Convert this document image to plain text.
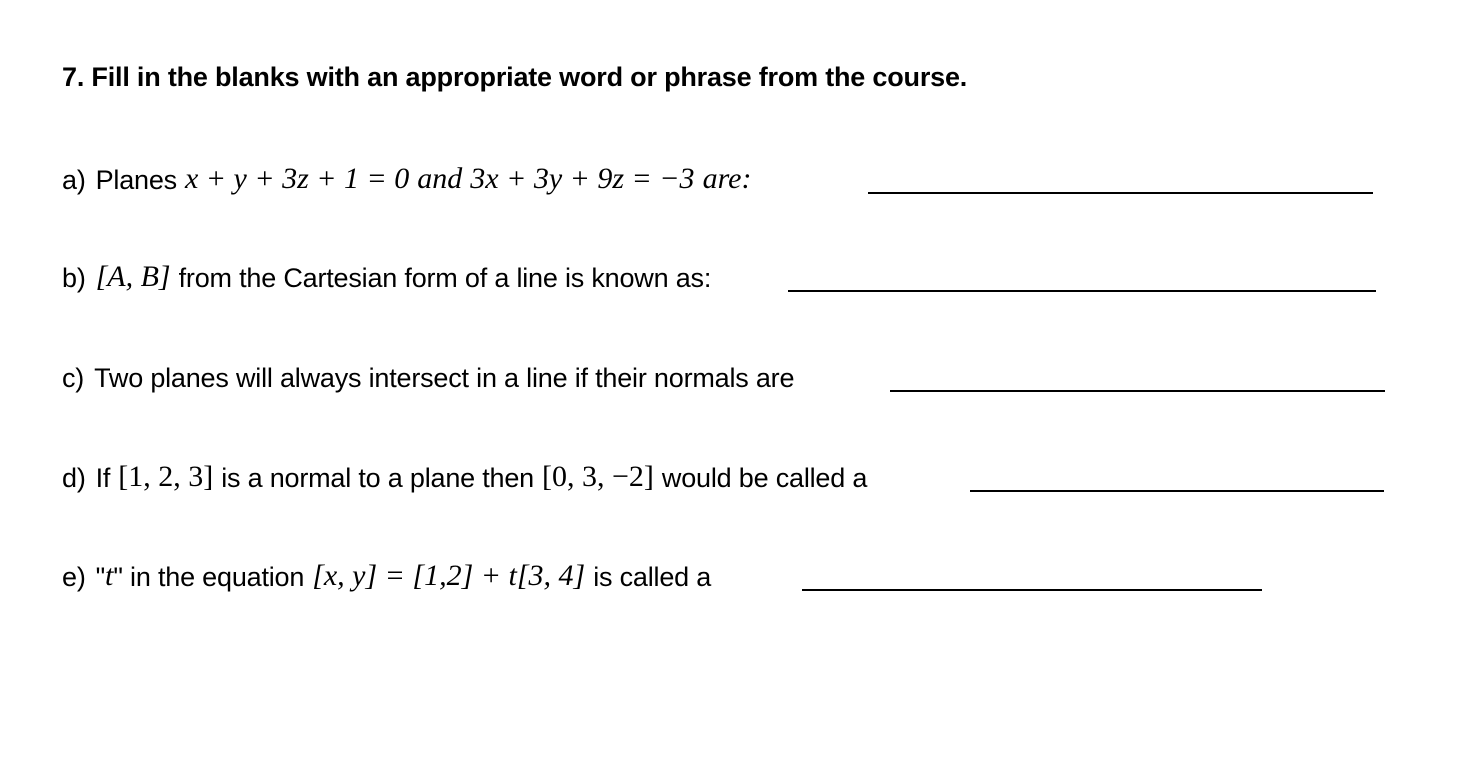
7. Fill in the blanks with an appropriate word or phrase from the course.
a) Planes x + y + 3z + 1 = 0 and 3x + 3y + 9z = −3 are:
b) [A, B] from the Cartesian form of a line is known as:
c) Two planes will always intersect in a line if their normals are
d) If [1, 2, 3] is a normal to a plane then [0, 3, −2] would be called a
e) " t " in the equation [x, y] = [1,2] + t[3, 4] is called a
